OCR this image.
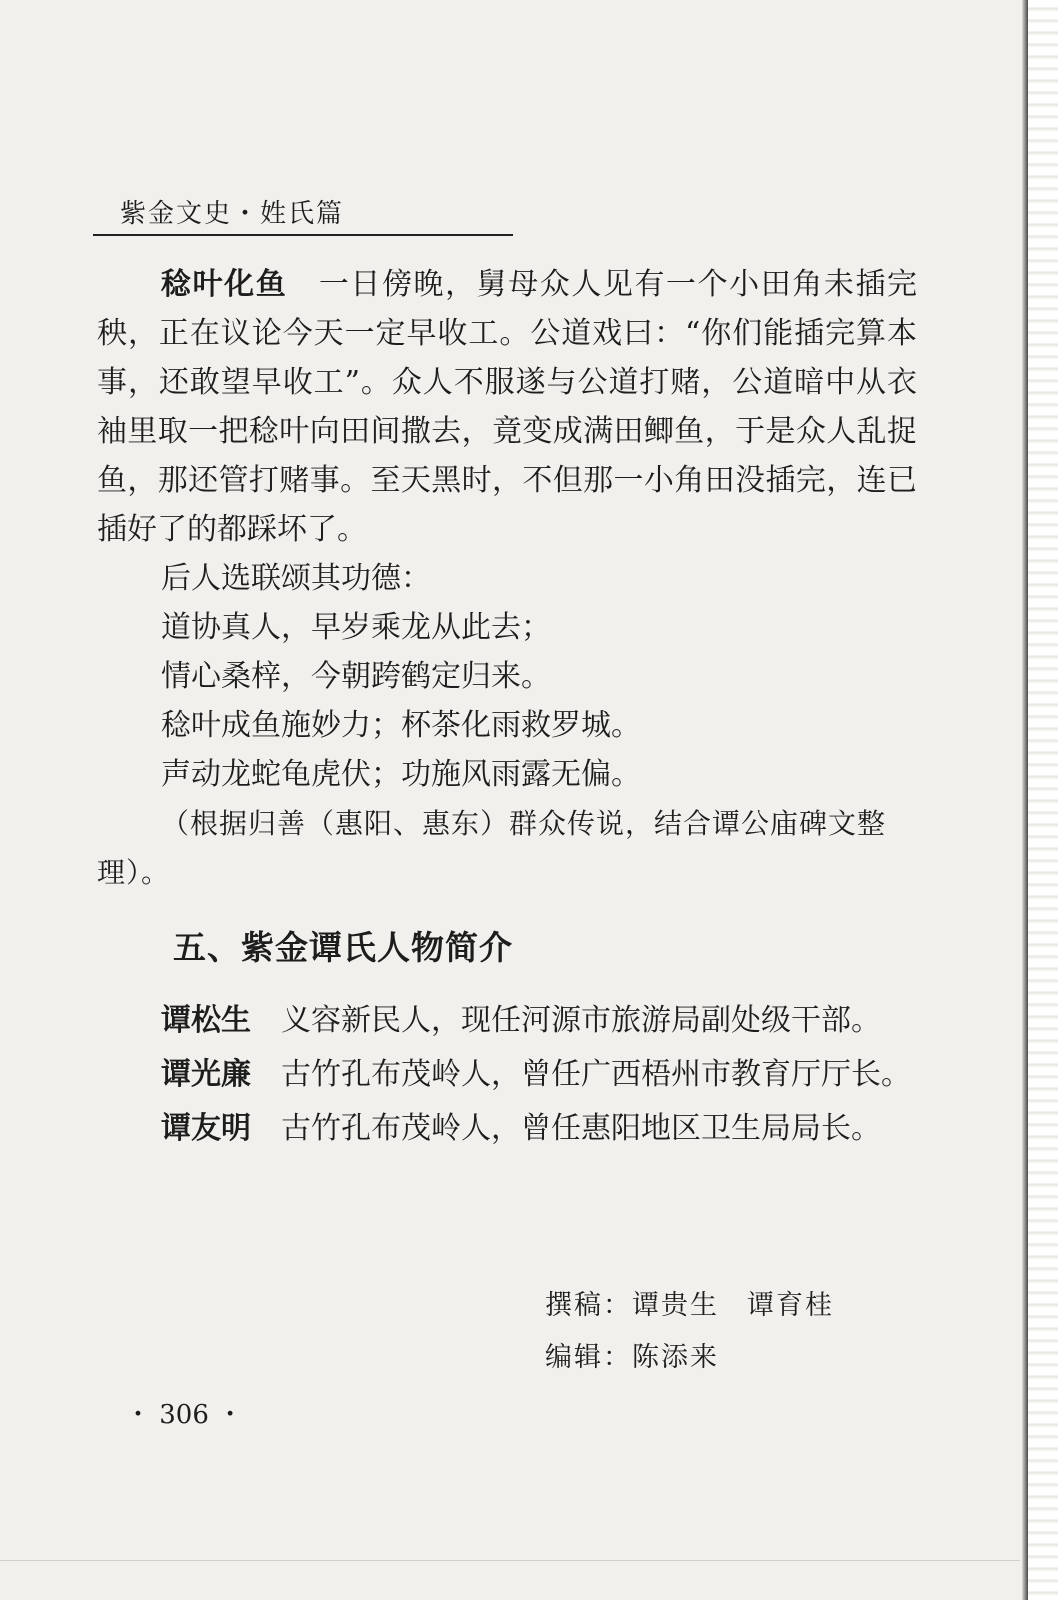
紫金文史・姓氏篇

稔叶化鱼 一日傍晚，舅母众人见有一个小田角未插完秧，正在议论今天一定早收工。公道戏曰：“你们能插完算本事，还敢望早收工”。众人不服遂与公道打赌，公道暗中从衣袖里取一把稔叶向田间撒去，竟变成满田鲫鱼，于是众人乱捉鱼，那还管打赌事。至天黑时，不但那一小角田没插完，连已插好了的都踩坏了。

后人选联颂其功德：

道协真人，早岁乘龙从此去；

情心桑梓，今朝跨鹤定归来。

稔叶成鱼施妙力；杯茶化雨救罗城。

声动龙蛇龟虎伏；功施风雨露无偏。

（根据归善（惠阳、惠东）群众传说，结合谭公庙碑文整理）。

五、紫金谭氏人物简介

谭松生 义容新民人，现任河源市旅游局副处级干部。

谭光廉 古竹孔布茂岭人，曾任广西梧州市教育厅厅长。

谭友明 古竹孔布茂岭人，曾任惠阳地区卫生局局长。

撰稿：谭贵生 谭育桂
编辑：陈添来
・ 306 ・
